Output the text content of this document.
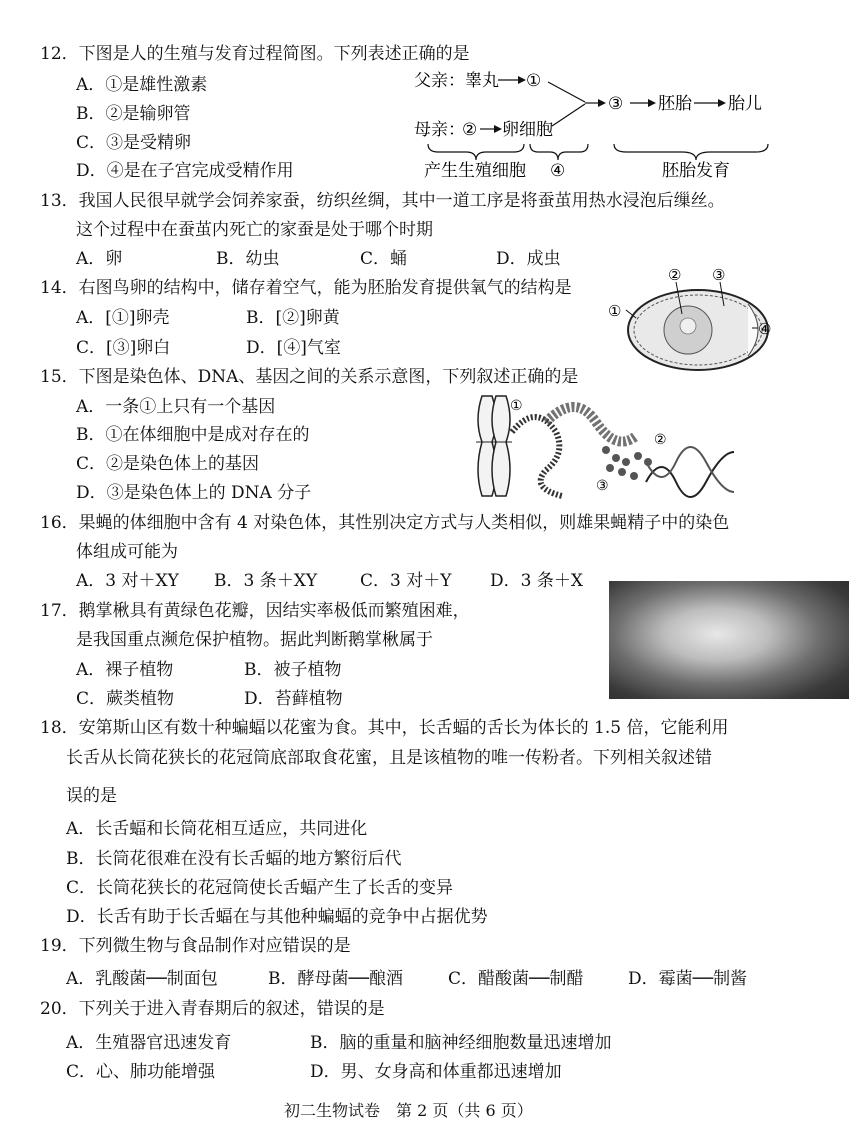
12．下图是人的生殖与发育过程简图。下列表述正确的是
A．①是雄性激素
B．②是输卵管
C．③是受精卵
D．④是在子宫完成受精作用
父亲：睾丸 ①
③ 胚胎 胎儿
母亲：
② 卵细胞
产生生殖细胞 ④	胚胎发育
13．我国人民很早就学会饲养家蚕，纺织丝绸，其中一道工序是将蚕茧用热水浸泡后缫丝。
这个过程中在蚕茧内死亡的家蚕是处于哪个时期
A．卵	B．幼虫	C．蛹	D．成虫
14．右图鸟卵的结构中，储存着空气，能为胚胎发育提供氧气的结构是
A．[①]卵壳	B．[②]卵黄
C．[③]卵白	D．[④]气室
①
② ③
④
15．下图是染色体、DNA、基因之间的关系示意图，下列叙述正确的是
A．一条①上只有一个基因
B．①在体细胞中是成对存在的
C．②是染色体上的基因
D．③是染色体上的 DNA 分子
①
②
③
16．果蝇的体细胞中含有 4 对染色体，其性别决定方式与人类相似，则雄果蝇精子中的染色
体组成可能为
A．3 对＋XY B．3 条＋XY	C．3 对＋Y D．3 条＋X
17．鹅掌楸具有黄绿色花瓣，因结实率极低而繁殖困难，
是我国重点濒危保护植物。据此判断鹅掌楸属于
A．裸子植物	B．被子植物
C．蕨类植物	D．苔藓植物
18．安第斯山区有数十种蝙蝠以花蜜为食。其中，长舌蝠的舌长为体长的 1.5 倍，它能利用
长舌从长筒花狭长的花冠筒底部取食花蜜，且是该植物的唯一传粉者。下列相关叙述错
误的是
A．长舌蝠和长筒花相互适应，共同进化
B．长筒花很难在没有长舌蝠的地方繁衍后代
C．长筒花狭长的花冠筒使长舌蝠产生了长舌的变异
D．长舌有助于长舌蝠在与其他种蝙蝠的竞争中占据优势
19．下列微生物与食品制作对应错误的是
A．乳酸菌──制面包	B．酵母菌──酿酒	C．醋酸菌──制醋	D．霉菌──制酱
20．下列关于进入青春期后的叙述，错误的是
A．生殖器官迅速发育	B．脑的重量和脑神经细胞数量迅速增加
C．心、肺功能增强	D．男、女身高和体重都迅速增加
初二生物试卷　第 2 页（共 6 页）
